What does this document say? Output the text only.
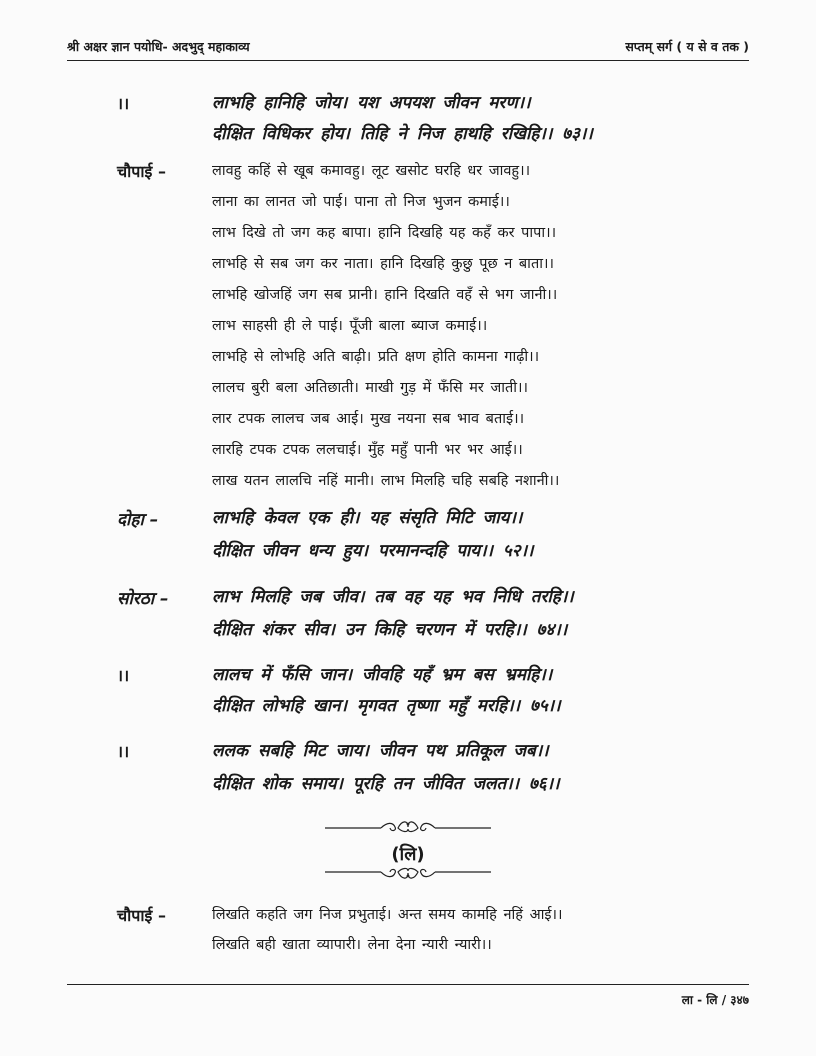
श्री अक्षर ज्ञान पयोधि- अदभुद् महाकाव्य	सप्तम् सर्ग ( य से व तक )
।।	लाभहि हानिहि जोय। यश अपयश जीवन मरण।।
दीक्षित विधिकर होय। तिहि ने निज हाथहि रखिहि।। ७३।।
चौपाई –	लावहु कहिं से खूब कमावहु। लूट खसोट घरहि धर जावहु।।
लाना का लानत जो पाई। पाना तो निज भुजन कमाई।।
लाभ दिखे तो जग कह बापा। हानि दिखहि यह कहँ कर पापा।।
लाभहि से सब जग कर नाता। हानि दिखहि कुछु पूछ न बाता।।
लाभहि खोजहिं जग सब प्रानी। हानि दिखति वहँ से भग जानी।।
लाभ साहसी ही ले पाई। पूँजी बाला ब्याज कमाई।।
लाभहि से लोभहि अति बाढ़ी। प्रति क्षण होति कामना गाढ़ी।।
लालच बुरी बला अतिछाती। माखी गुड़ में फँसि मर जाती।।
लार टपक लालच जब आई। मुख नयना सब भाव बताई।।
लारहि टपक टपक ललचाई। मुँह महुँ पानी भर भर आई।।
लाख यतन लालचि नहिं मानी। लाभ मिलहि चहि सबहि नशानी।।
दोहा –	लाभहि केवल एक ही। यह संसृति मिटि जाय।।
दीक्षित जीवन धन्य हुय। परमानन्दहि पाय।। ५२।।
सोरठा –	लाभ मिलहि जब जीव। तब वह यह भव निधि तरहि।।
दीक्षित शंकर सीव। उन किहि चरणन में परहि।। ७४।।
।।	लालच में फँसि जान। जीवहि यहँ भ्रम बस भ्रमहि।।
दीक्षित लोभहि खान। मृगवत तृष्णा महुँ मरहि।। ७५।।
।।	ललक सबहि मिट जाय। जीवन पथ प्रतिकूल जब।।
दीक्षित शोक समाय। पूरहि तन जीवित जलत।। ७६।।
(लि)
चौपाई –	लिखति कहति जग निज प्रभुताई। अन्त समय कामहि नहिं आई।।
लिखति बही खाता व्यापारी। लेना देना न्यारी न्यारी।।
ला - लि / ३४७
